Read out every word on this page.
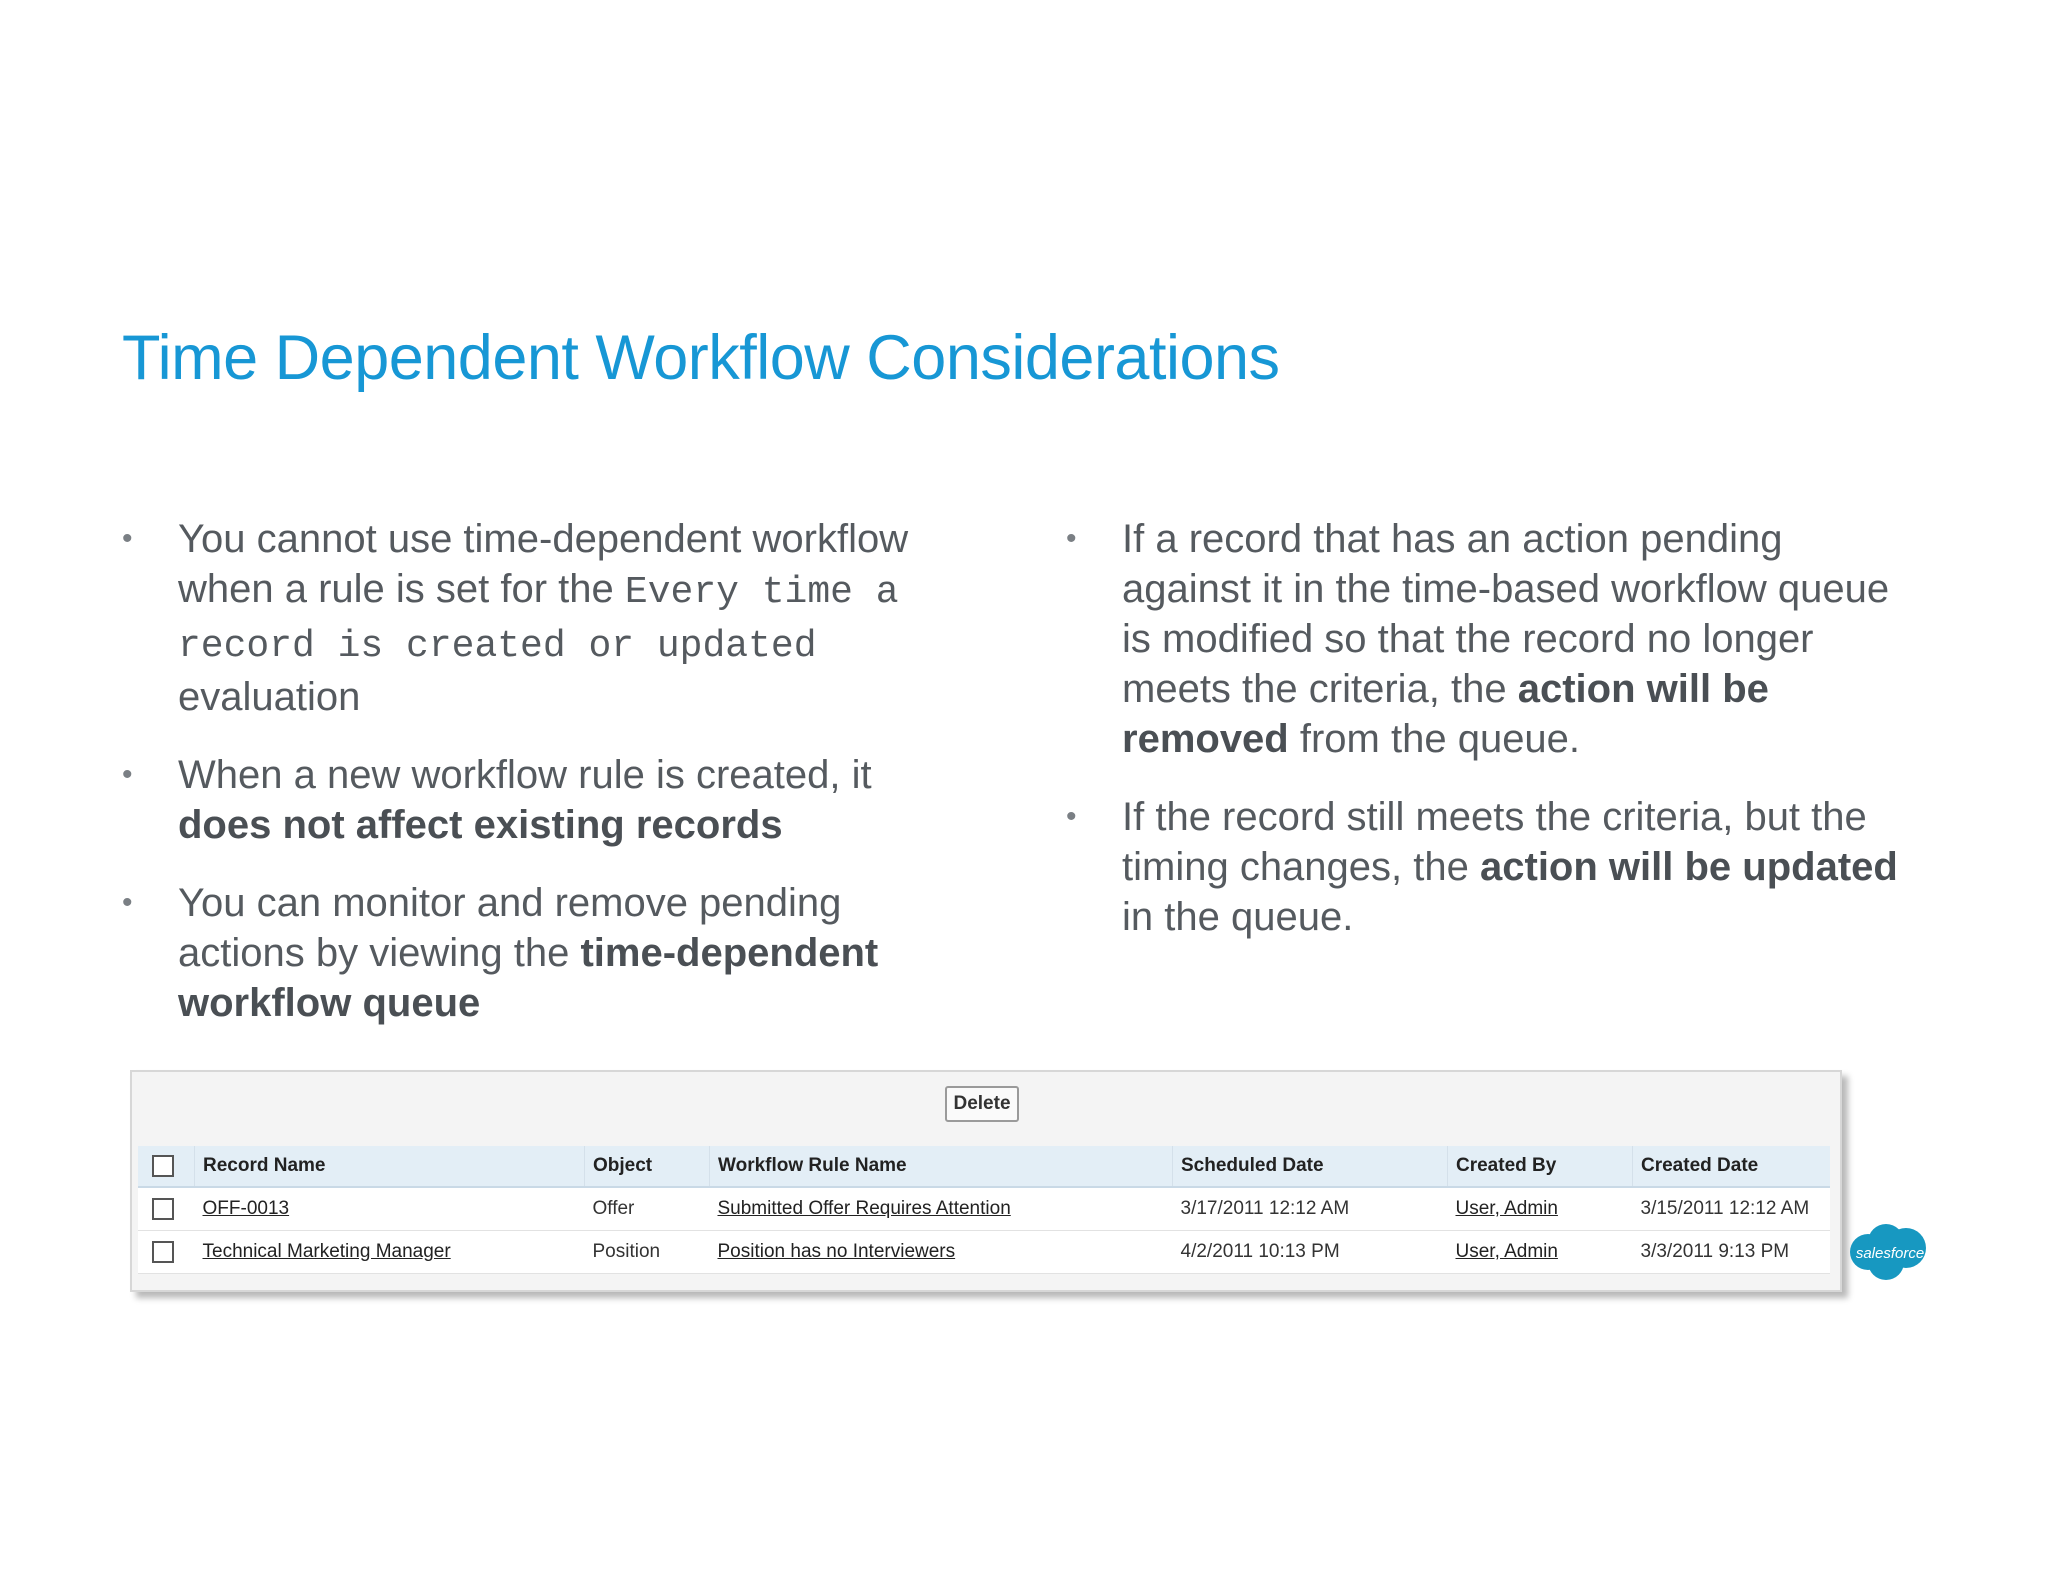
Time Dependent Workflow Considerations
• You cannot use time-dependent workflow when a rule is set for the Every time a record is created or updated evaluation
• When a new workflow rule is created, it does not affect existing records
• You can monitor and remove pending actions by viewing the time-dependent workflow queue
• If a record that has an action pending against it in the time-based workflow queue is modified so that the record no longer meets the criteria, the action will be removed from the queue.
• If the record still meets the criteria, but the timing changes, the action will be updated in the queue.
Delete
	Record Name	Object	Workflow Rule Name	Scheduled Date	Created By	Created Date
	OFF-0013	Offer	Submitted Offer Requires Attention	3/17/2011 12:12 AM	User, Admin	3/15/2011 12:12 AM
	Technical Marketing Manager	Position	Position has no Interviewers	4/2/2011 10:13 PM	User, Admin	3/3/2011 9:13 PM	salesforce
